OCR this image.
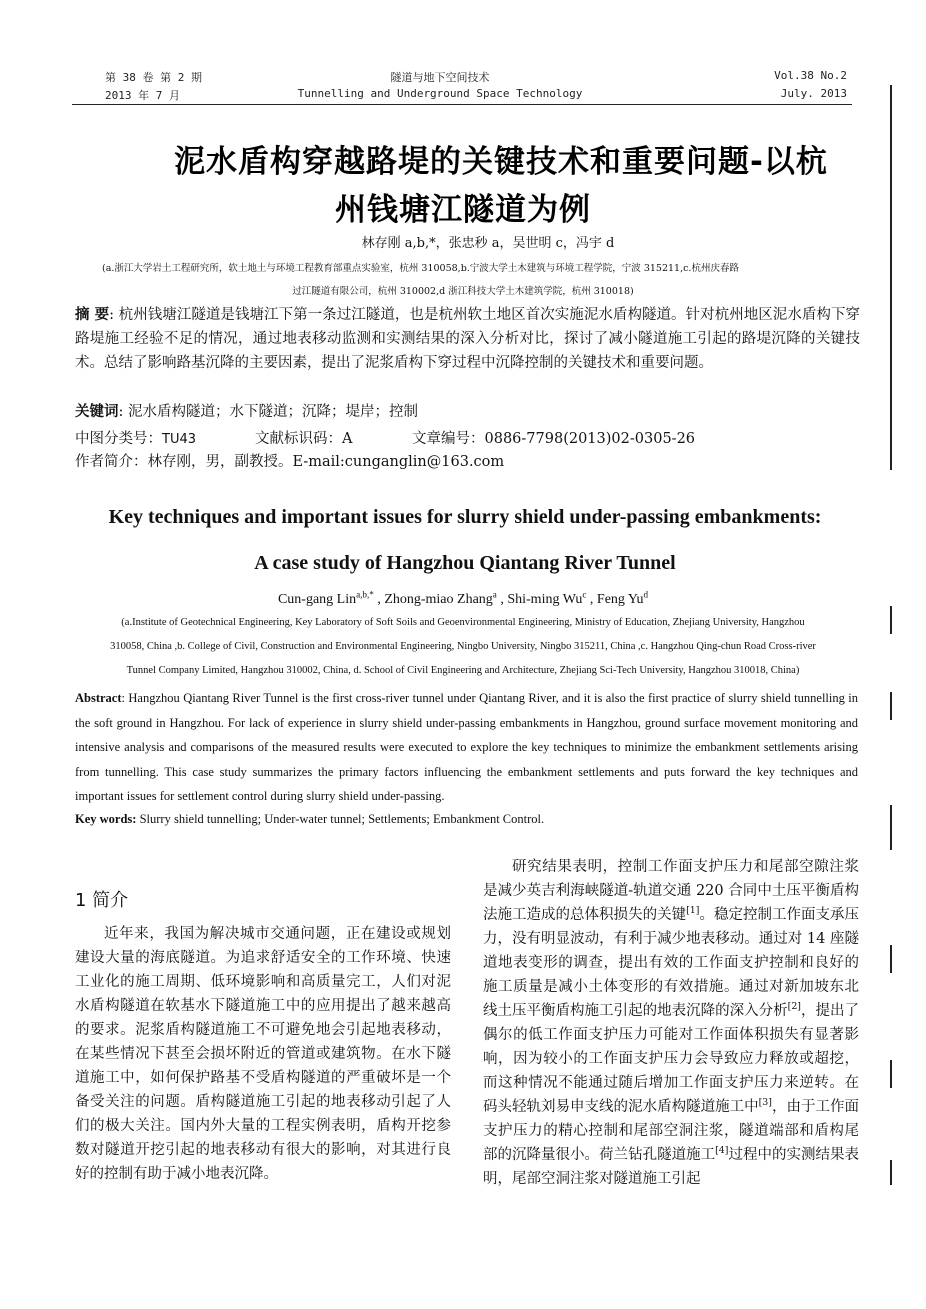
第 38 卷 第 2 期
2013 年 7 月
隧道与地下空间技术
Tunnelling and Underground Space Technology
Vol.38 No.2
July. 2013
泥水盾构穿越路堤的关键技术和重要问题-以杭
州钱塘江隧道为例
林存刚 a,b,*，张忠秒 a，吴世明 c，冯宇 d
(a.浙江大学岩土工程研究所，软土地土与环境工程教育部重点实验室，杭州 310058,b.宁波大学土木建筑与环境工程学院，宁波 315211,c.杭州庆春路
过江隧道有限公司，杭州 310002,d 浙江科技大学土木建筑学院，杭州 310018)
摘 要: 杭州钱塘江隧道是钱塘江下第一条过江隧道，也是杭州软土地区首次实施泥水盾构隧道。针对杭州地区泥水盾构下穿路堤施工经验不足的情况，通过地表移动监测和实测结果的深入分析对比，探讨了减小隧道施工引起的路堤沉降的关键技术。总结了影响路基沉降的主要因素，提出了泥浆盾构下穿过程中沉降控制的关键技术和重要问题。
关键词: 泥水盾构隧道；水下隧道；沉降；堤岸；控制
中图分类号：TU43	文献标识码：A	文章编号：0886-7798(2013)02-0305-26
作者简介：林存刚，男，副教授。E-mail:cunganglin@163.com
Key techniques and important issues for slurry shield under-passing embankments:
A case study of Hangzhou Qiantang River Tunnel
Cun-gang Lin$^{a,b,*}$ , Zhong-miao Zhang$^a$ , Shi-ming Wu$^c$ , Feng Yu$^d$
(a.Institute of Geotechnical Engineering, Key Laboratory of Soft Soils and Geoenvironmental Engineering, Ministry of Education, Zhejiang University, Hangzhou
310058, China ,b. College of Civil, Construction and Environmental Engineering, Ningbo University, Ningbo 315211, China ,c. Hangzhou Qing-chun Road Cross-river
Tunnel Company Limited, Hangzhou 310002, China, d. School of Civil Engineering and Architecture, Zhejiang Sci-Tech University, Hangzhou 310018, China)
Abstract: Hangzhou Qiantang River Tunnel is the first cross-river tunnel under Qiantang River, and it is also the first practice of slurry shield tunnelling in the soft ground in Hangzhou. For lack of experience in slurry shield under-passing embankments in Hangzhou, ground surface movement monitoring and intensive analysis and comparisons of the measured results were executed to explore the key techniques to minimize the embankment settlements arising from tunnelling. This case study summarizes the primary factors influencing the embankment settlements and puts forward the key techniques and important issues for settlement control during slurry shield under-passing.
Key words: Slurry shield tunnelling; Under-water tunnel; Settlements; Embankment Control.
1 简介
近年来，我国为解决城市交通问题，正在建设或规划建设大量的海底隧道。为追求舒适安全的工作环境、快速工业化的施工周期、低环境影响和高质量完工，人们对泥水盾构隧道在软基水下隧道施工中的应用提出了越来越高的要求。泥浆盾构隧道施工不可避免地会引起地表移动，在某些情况下甚至会损坏附近的管道或建筑物。在水下隧道施工中，如何保护路基不受盾构隧道的严重破坏是一个备受关注的问题。盾构隧道施工引起的地表移动引起了人们的极大关注。国内外大量的工程实例表明，盾构开挖参数对隧道开挖引起的地表移动有很大的影响，对其进行良好的控制有助于减小地表沉降。
研究结果表明，控制工作面支护压力和尾部空隙注浆是减少英吉利海峡隧道-轨道交通 220 合同中土压平衡盾构法施工造成的总体积损失的关键[1]。稳定控制工作面支承压力，没有明显波动，有利于减少地表移动。通过对 14 座隧道地表变形的调查，提出有效的工作面支护控制和良好的施工质量是减小土体变形的有效措施。通过对新加坡东北线土压平衡盾构施工引起的地表沉降的深入分析[2]，提出了偶尔的低工作面支护压力可能对工作面体积损失有显著影响，因为较小的工作面支护压力会导致应力释放或超挖，而这种情况不能通过随后增加工作面支护压力来逆转。在码头轻轨刘易申支线的泥水盾构隧道施工中[3]，由于工作面支护压力的精心控制和尾部空洞注浆，隧道端部和盾构尾部的沉降量很小。荷兰钻孔隧道施工[4]过程中的实测结果表明，尾部空洞注浆对隧道施工引起
